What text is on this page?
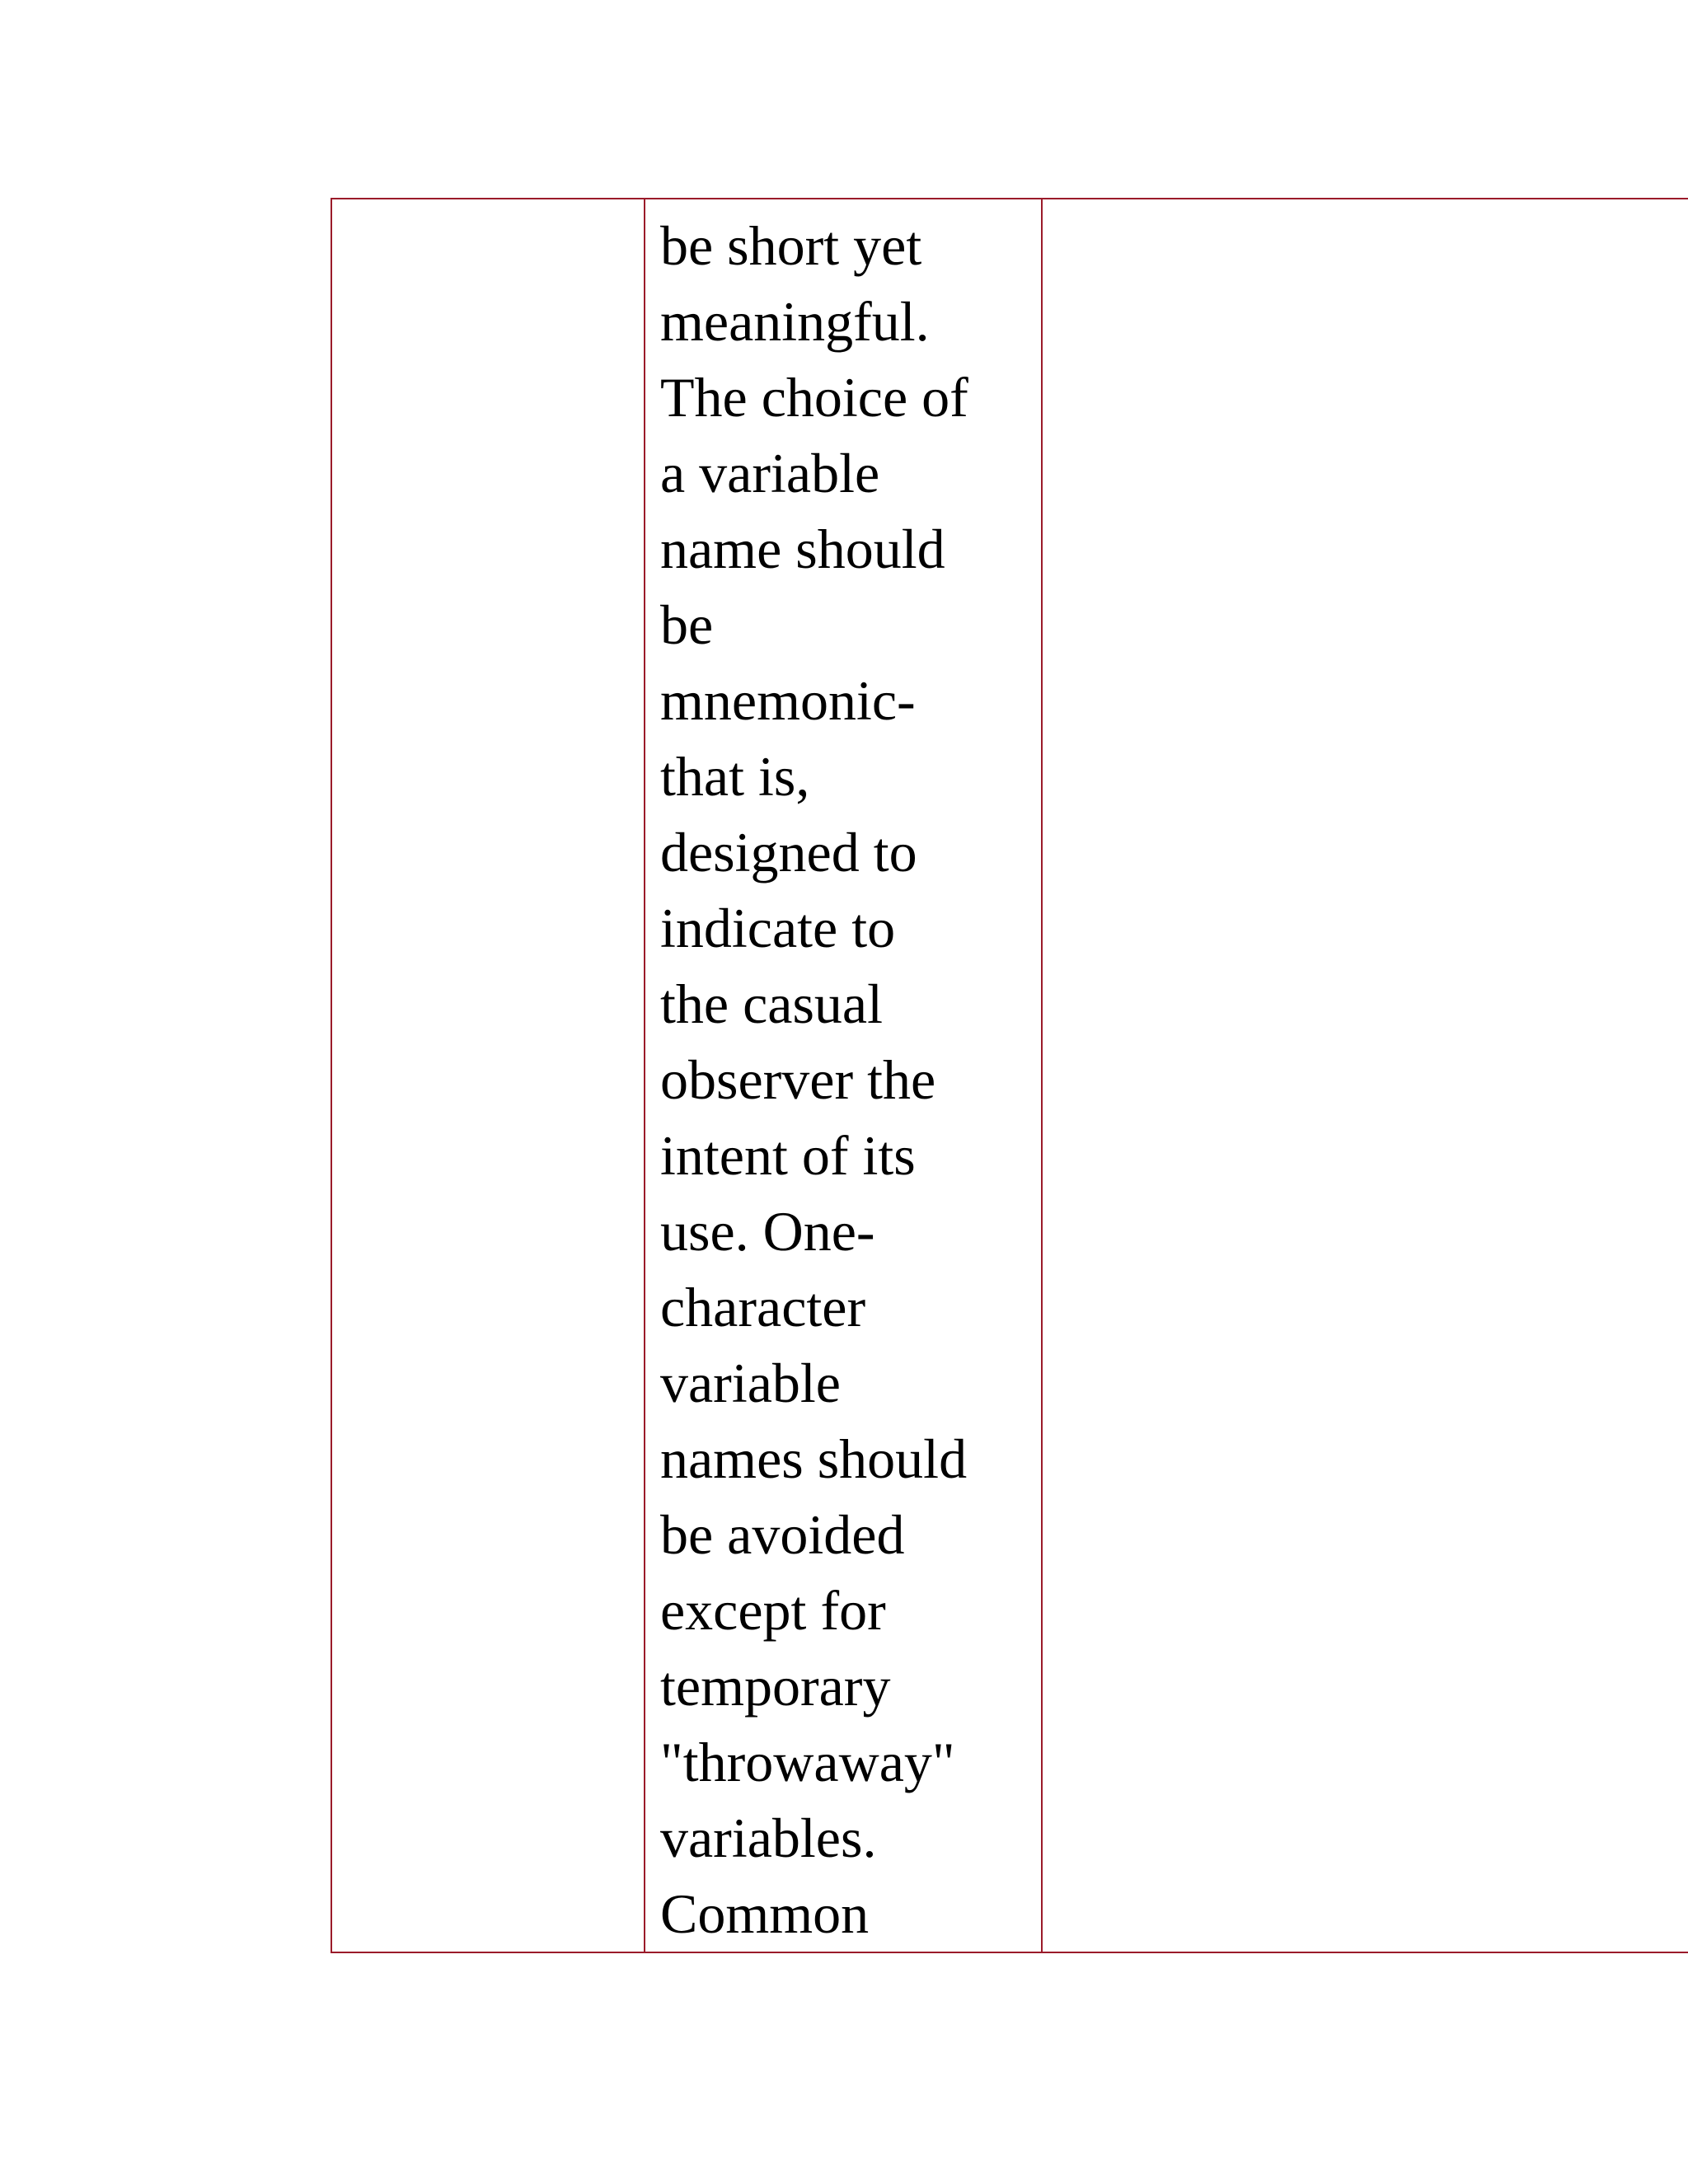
be short yet
meaningful.
The choice of
a variable
name should
be
mnemonic-
that is,
designed to
indicate to
the casual
observer the
intent of its
use. One-
character
variable
names should
be avoided
except for
temporary
"throwaway"
variables.
Common
